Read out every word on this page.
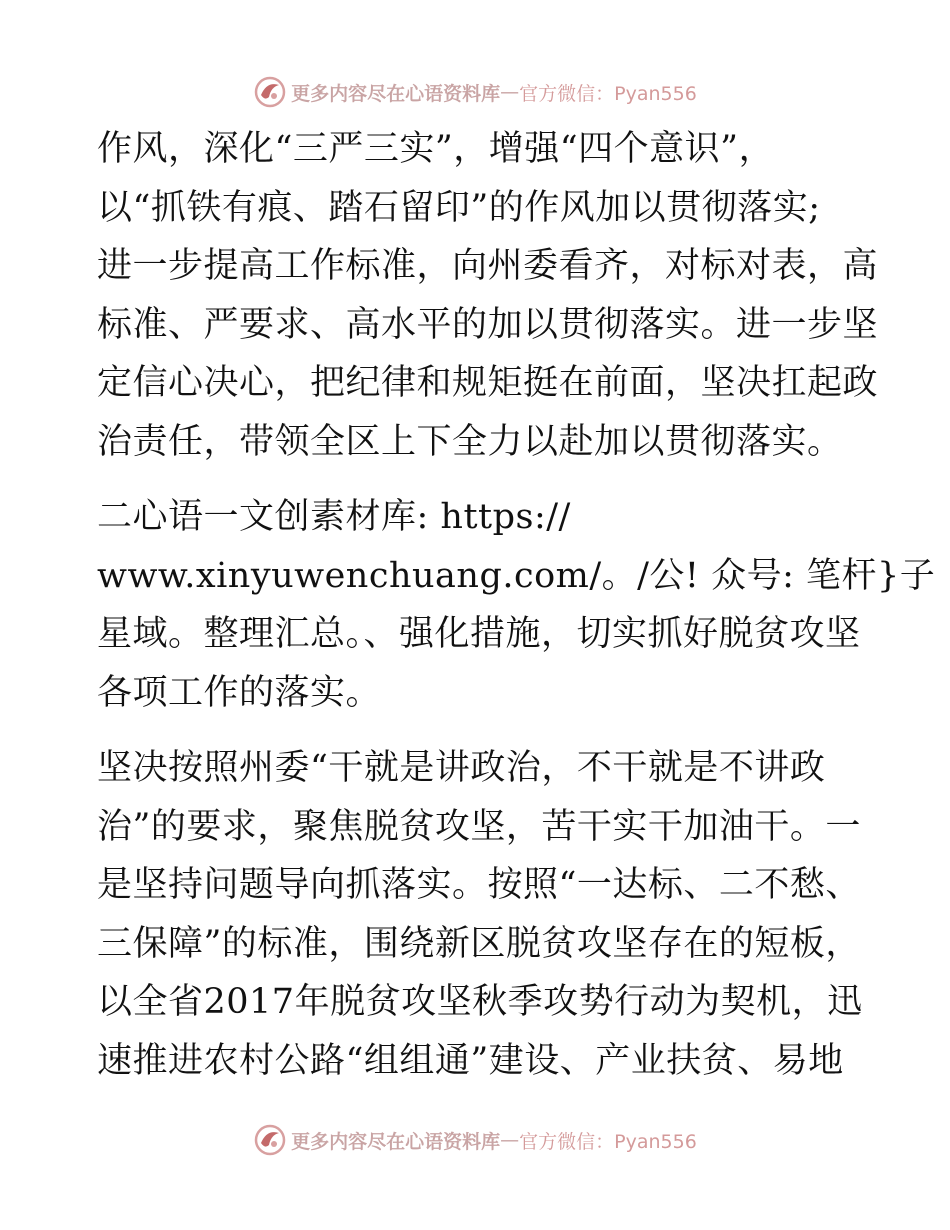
更多内容尽在心语资料库 — 官方微信：Pyan556
作风，深化“三严三实”，增强“四个意识”，
以“抓铁有痕、踏石留印”的作风加以贯彻落实;
进一步提高工作标准，向州委看齐，对标对表，高
标准、严要求、高水平的加以贯彻落实。进一步坚
定信心决心，把纪律和规矩挺在前面，坚决扛起政
治责任，带领全区上下全力以赴加以贯彻落实。
二心语一文创素材库: https://
www.xinyuwenchuang.com/。/公! 众号: 笔杆}子
星域。整理汇总。、强化措施，切实抓好脱贫攻坚
各项工作的落实。
坚决按照州委“干就是讲政治，不干就是不讲政
治”的要求，聚焦脱贫攻坚，苦干实干加油干。一
是坚持问题导向抓落实。按照“一达标、二不愁、
三保障”的标准，围绕新区脱贫攻坚存在的短板，
以全省2017年脱贫攻坚秋季攻势行动为契机，迅
速推进农村公路“组组通”建设、产业扶贫、易地
更多内容尽在心语资料库 — 官方微信：Pyan556
